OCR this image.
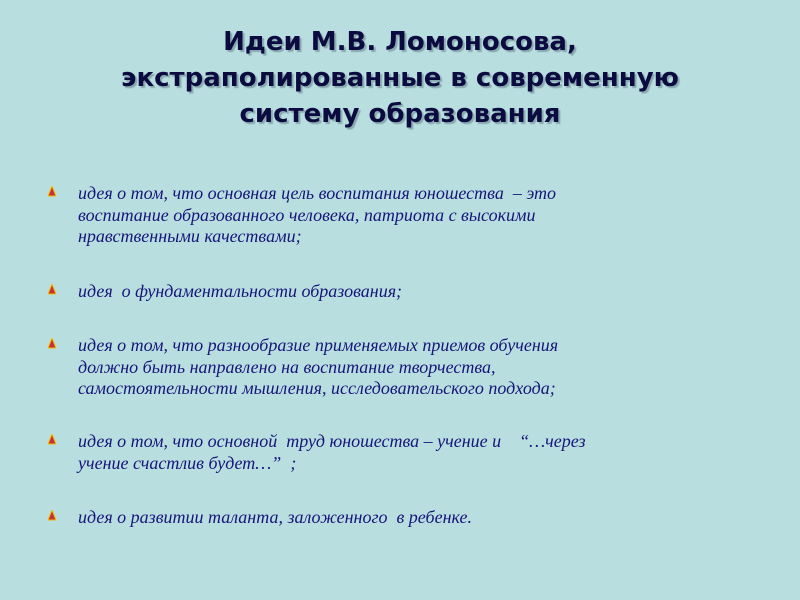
Идеи М.В. Ломоносова,
экстраполированные в современную
систему образования
идея о том, что основная цель воспитания юношества  – это
воспитание образованного человека, патриота с высокими
нравственными качествами;
идея  о фундаментальности образования;
идея о том, что разнообразие применяемых приемов обучения
должно быть направлено на воспитание творчества,
самостоятельности мышления, исследовательского подхода;
идея о том, что основной  труд юношества – учение и    “…через
учение счастлив будет…”  ;
идея о развитии таланта, заложенного  в ребенке.
